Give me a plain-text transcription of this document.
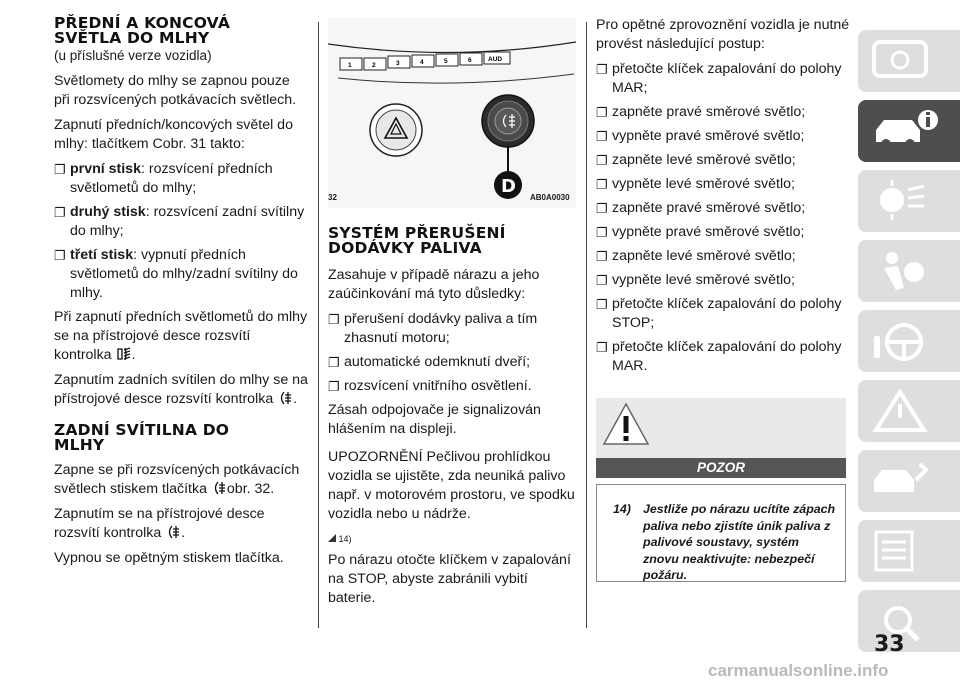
PŘEDNÍ A KONCOVÁ
SVĚTLA DO MLHY
(u příslušné verze vozidla)

Světlomety do mlhy se zapnou pouze při rozsvícených potkávacích světlech.

Zapnutí předních/koncových světel do mlhy: tlačítkem Cobr. 31 takto:

❐ první stisk: rozsvícení předních světlometů do mlhy;
❐ druhý stisk: rozsvícení zadní svítilny do mlhy;
❐ třetí stisk: vypnutí předních světlometů do mlhy/zadní svítilny do mlhy.

Při zapnutí předních světlometů do mlhy se na přístrojové desce rozsvítí kontrolka .

Zapnutím zadních svítilen do mlhy se na přístrojové desce rozsvítí kontrolka .

ZADNÍ SVÍTILNA DO
MLHY

Zapne se při rozsvícených potkávacích světlech stiskem tlačítka obr. 32.

Zapnutím se na přístrojové desce rozsvítí kontrolka .

Vypnou se opětným stiskem tlačítka.

1	2	3	4	5	6	AUD
D
32	AB0A0030
SYSTÉM PŘERUŠENÍ
DODÁVKY PALIVA

Zasahuje v případě nárazu a jeho zaúčinkování má tyto důsledky:

❐ přerušení dodávky paliva a tím zhasnutí motoru;
❐ automatické odemknutí dveří;
❐ rozsvícení vnitřního osvětlení.

Zásah odpojovače je signalizován hlášením na displeji.

UPOZORNĚNÍ Pečlivou prohlídkou vozidla se ujistěte, zda neuniká palivo např. v motorovém prostoru, ve spodku vozidla nebo u nádrže.

14)

Po nárazu otočte klíčkem v zapalování na STOP, abyste zabránili vybití baterie.

Pro opětné zprovoznění vozidla je nutné provést následující postup:

❐ přetočte klíček zapalování do polohy MAR;
❐ zapněte pravé směrové světlo;
❐ vypněte pravé směrové světlo;
❐ zapněte levé směrové světlo;
❐ vypněte levé směrové světlo;
❐ zapněte pravé směrové světlo;
❐ vypněte pravé směrové světlo;
❐ zapněte levé směrové světlo;
❐ vypněte levé směrové světlo;
❐ přetočte klíček zapalování do polohy STOP;
❐ přetočte klíček zapalování do polohy MAR.
POZOR
14) Jestliže po nárazu ucítíte zápach paliva nebo zjistíte únik paliva z palivové soustavy, systém znovu neaktivujte: nebezpečí požáru.
33
carmanualsonline.info
